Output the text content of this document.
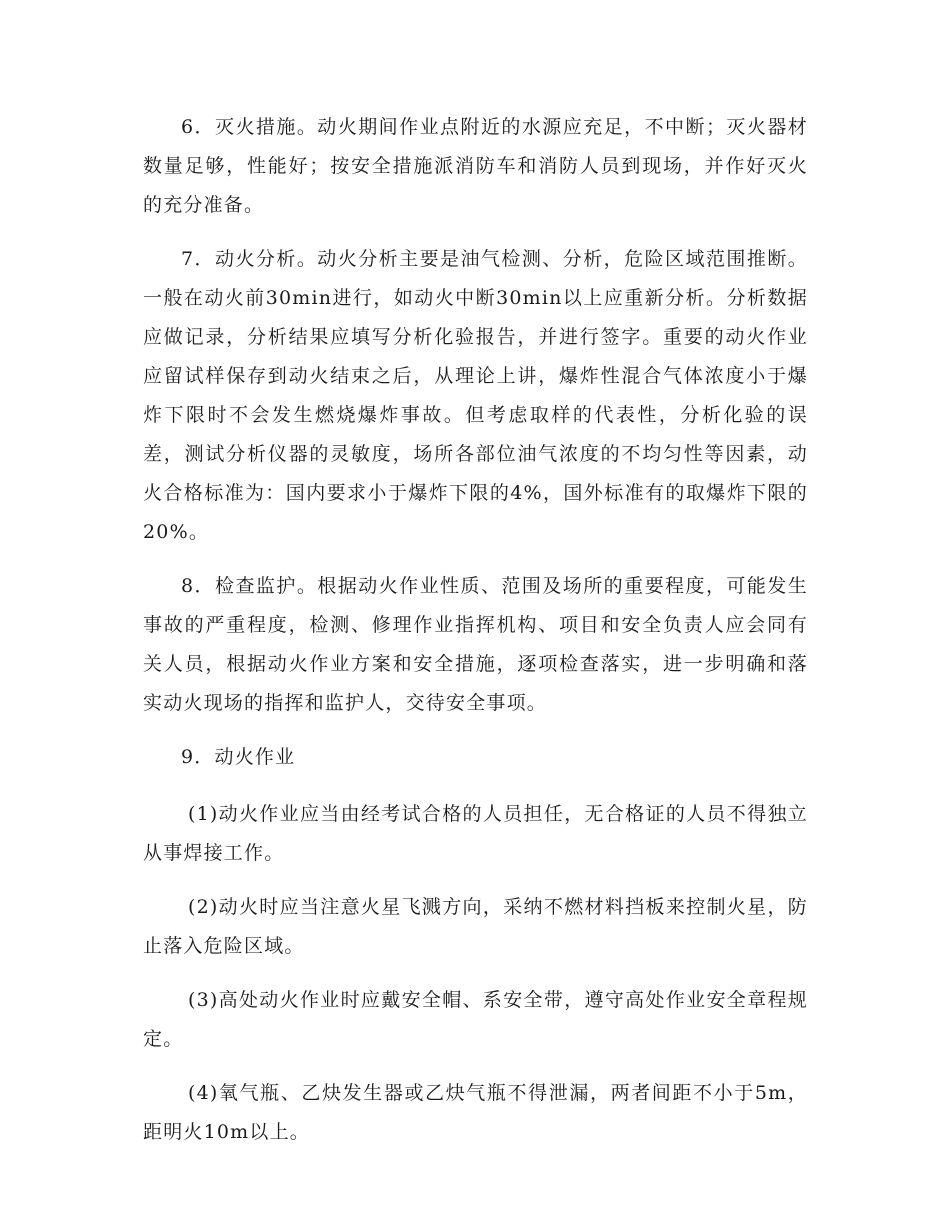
6．灭火措施。动火期间作业点附近的水源应充足，不中断；灭火器材数量足够，性能好；按安全措施派消防车和消防人员到现场，并作好灭火的充分准备。

7．动火分析。动火分析主要是油气检测、分析，危险区域范围推断。一般在动火前30min进行，如动火中断30min以上应重新分析。分析数据应做记录，分析结果应填写分析化验报告，并进行签字。重要的动火作业应留试样保存到动火结束之后，从理论上讲，爆炸性混合气体浓度小于爆炸下限时不会发生燃烧爆炸事故。但考虑取样的代表性，分析化验的误差，测试分析仪器的灵敏度，场所各部位油气浓度的不均匀性等因素，动火合格标准为：国内要求小于爆炸下限的4%，国外标准有的取爆炸下限的20%。

8．检查监护。根据动火作业性质、范围及场所的重要程度，可能发生事故的严重程度，检测、修理作业指挥机构、项目和安全负责人应会同有关人员，根据动火作业方案和安全措施，逐项检查落实，进一步明确和落实动火现场的指挥和监护人，交待安全事项。

9．动火作业

(1)动火作业应当由经考试合格的人员担任，无合格证的人员不得独立从事焊接工作。

(2)动火时应当注意火星飞溅方向，采纳不燃材料挡板来控制火星，防止落入危险区域。

(3)高处动火作业时应戴安全帽、系安全带，遵守高处作业安全章程规定。

(4)氧气瓶、乙炔发生器或乙炔气瓶不得泄漏，两者间距不小于5m，距明火10m以上。
